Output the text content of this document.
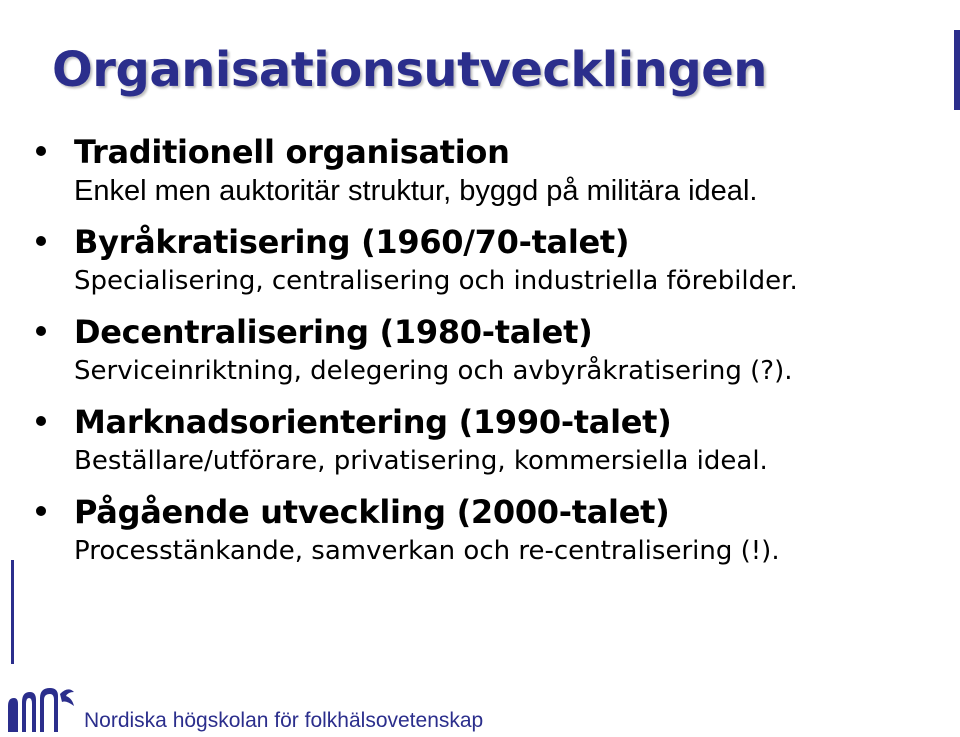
Organisationsutvecklingen
Traditionell organisation
Enkel men auktoritär struktur, byggd på militära ideal.
Byråkratisering (1960/70-talet)
Specialisering, centralisering och industriella förebilder.
Decentralisering (1980-talet)
Serviceinriktning, delegering och avbyråkratisering (?).
Marknadsorientering (1990-talet)
Beställare/utförare, privatisering, kommersiella ideal.
Pågående utveckling (2000-talet)
Processtänkande, samverkan och re-centralisering (!).
Nordiska högskolan för folkhälsovetenskap
